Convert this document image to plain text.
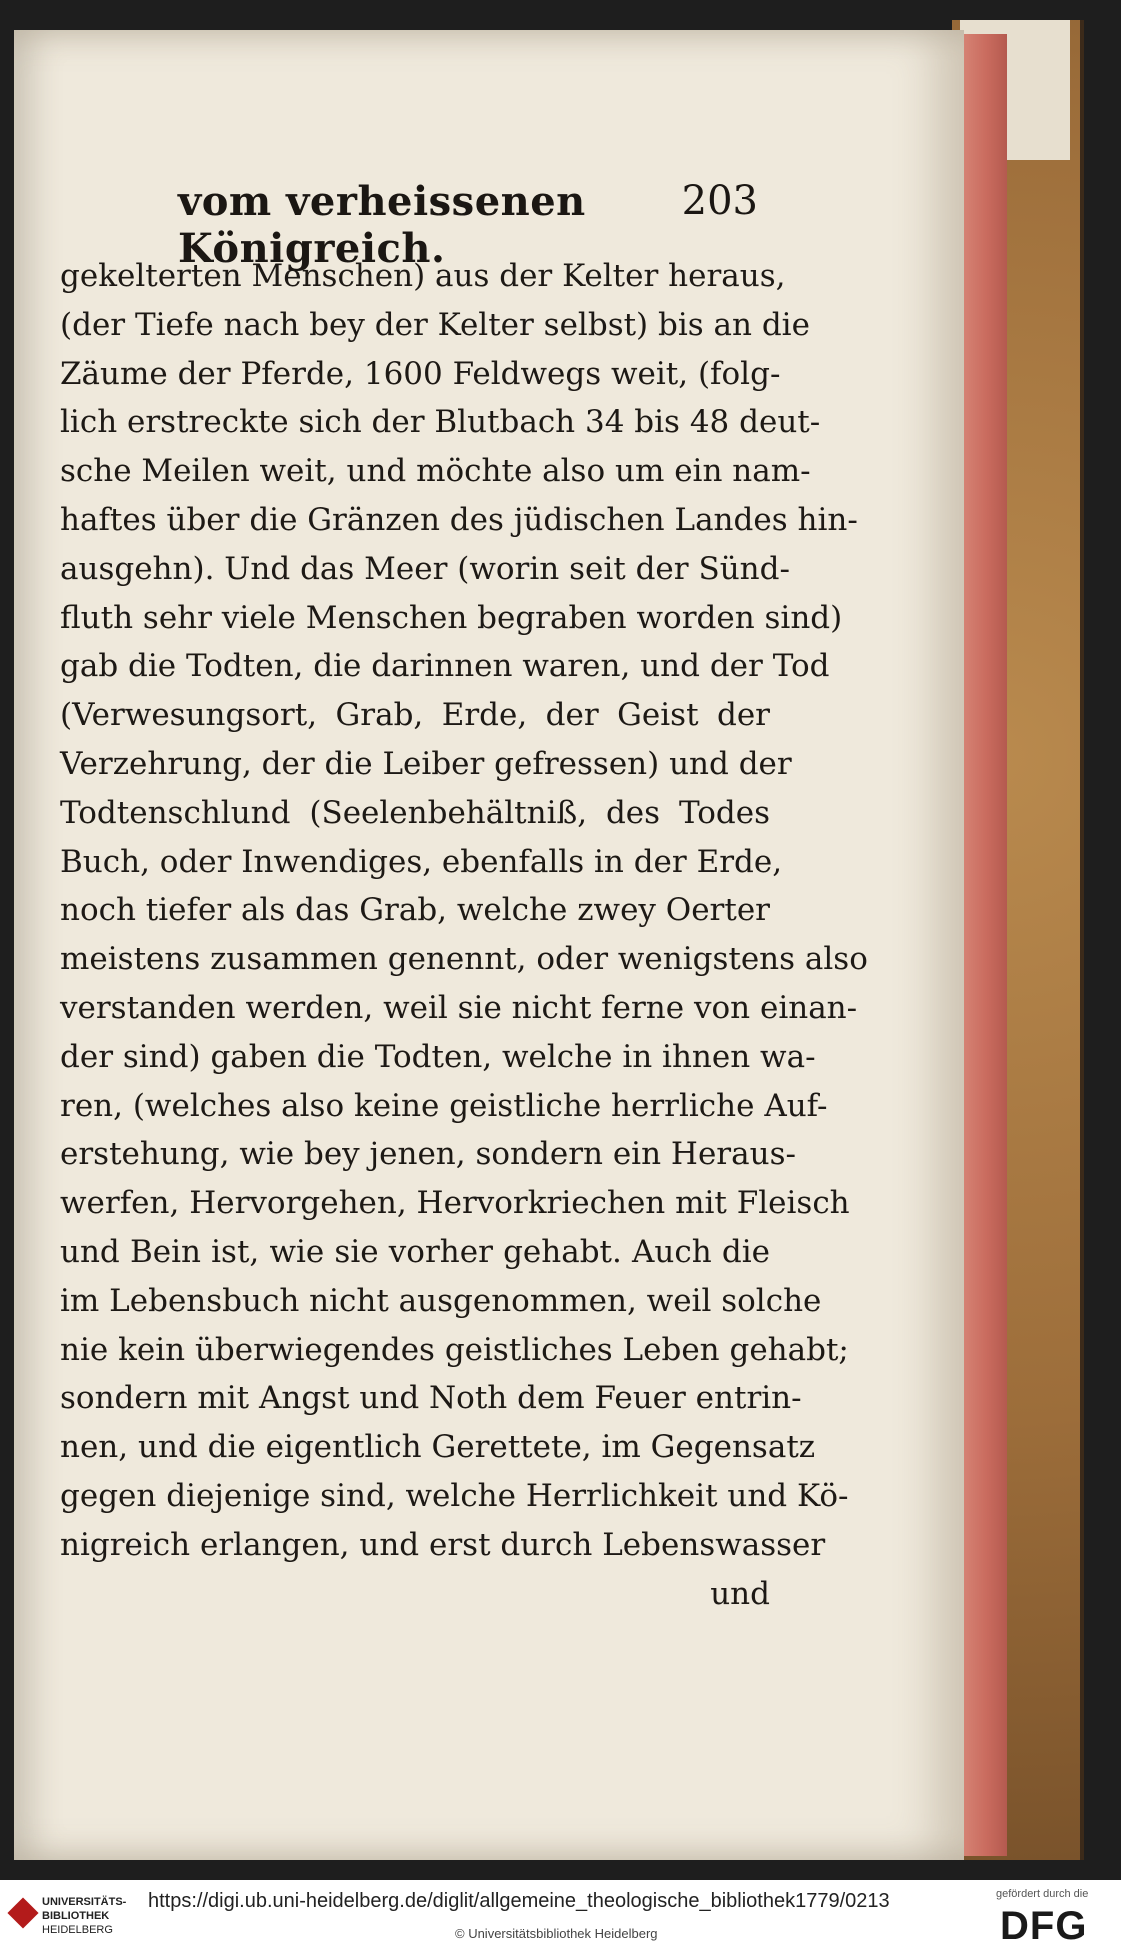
vom verheissenen Königreich.
203
gekelterten Menschen) aus der Kelter heraus,
(der Tiefe nach bey der Kelter selbst) bis an die
Zäume der Pferde, 1600 Feldwegs weit, (folg-
lich erstreckte sich der Blutbach 34 bis 48 deut-
sche Meilen weit, und möchte also um ein nam-
haftes über die Gränzen des jüdischen Landes hin-
ausgehn). Und das Meer (worin seit der Sünd-
fluth sehr viele Menschen begraben worden sind)
gab die Todten, die darinnen waren, und der Tod
(Verwesungsort, Grab, Erde, der Geist der
Verzehrung, der die Leiber gefressen) und der
Todtenschlund (Seelenbehältniß, des Todes
Buch, oder Inwendiges, ebenfalls in der Erde,
noch tiefer als das Grab, welche zwey Oerter
meistens zusammen genennt, oder wenigstens also
verstanden werden, weil sie nicht ferne von einan-
der sind) gaben die Todten, welche in ihnen wa-
ren, (welches also keine geistliche herrliche Auf-
erstehung, wie bey jenen, sondern ein Heraus-
werfen, Hervorgehen, Hervorkriechen mit Fleisch
und Bein ist, wie sie vorher gehabt. Auch die
im Lebensbuch nicht ausgenommen, weil solche
nie kein überwiegendes geistliches Leben gehabt;
sondern mit Angst und Noth dem Feuer entrin-
nen, und die eigentlich Gerettete, im Gegensatz
gegen diejenige sind, welche Herrlichkeit und Kö-
nigreich erlangen, und erst durch Lebenswasser
und
UNIVERSITÄTS-
BIBLIOTHEK
HEIDELBERG
https://digi.ub.uni-heidelberg.de/diglit/allgemeine_theologische_bibliothek1779/0213
© Universitätsbibliothek Heidelberg
gefördert durch die
DFG
